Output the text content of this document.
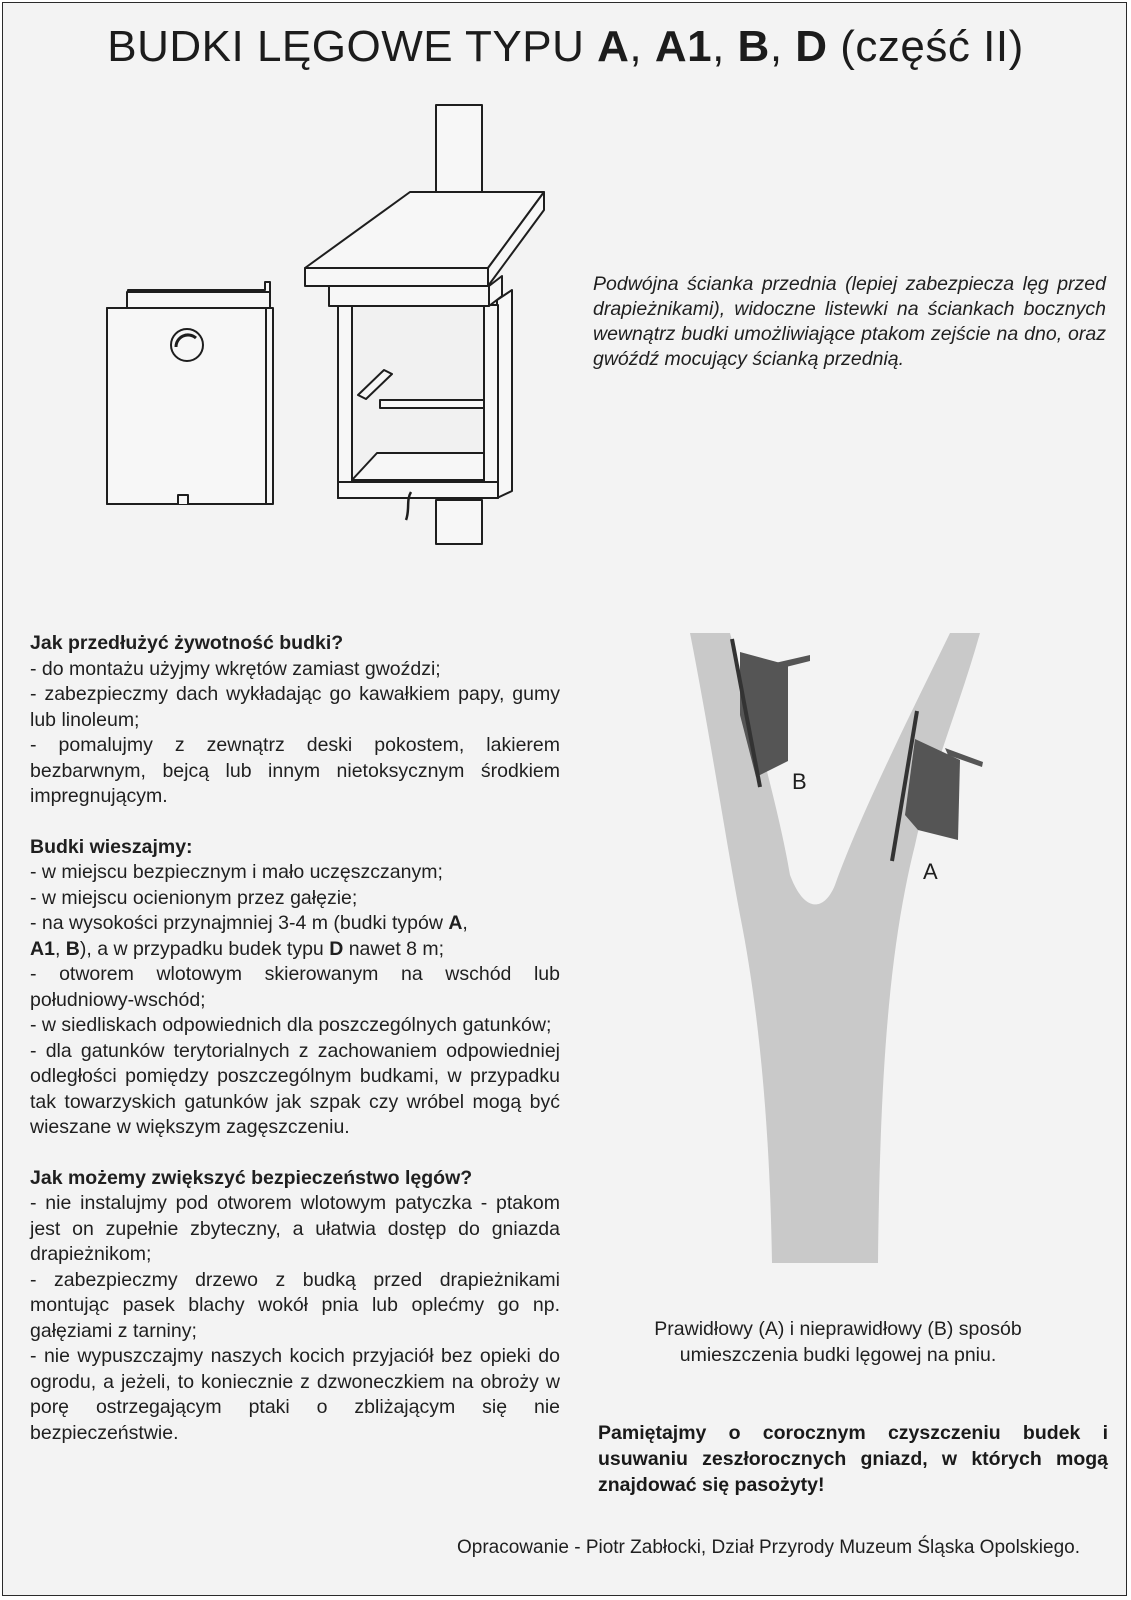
BUDKI LĘGOWE TYPU A, A1, B, D (część II)

Podwójna ścianka przednia (lepiej zabezpiecza lęg przed drapieżnikami), widoczne listewki na ściankach bocznych wewnątrz budki umożliwiające ptakom zejście na dno, oraz gwóźdź mocujący ścianką przednią.

Jak przedłużyć żywotność budki?

- do montażu użyjmy wkrętów zamiast gwoździ;

- zabezpieczmy dach wykładając go kawałkiem papy, gumy lub linoleum;

- pomalujmy z zewnątrz deski pokostem, lakierem bezbarwnym, bejcą lub innym nietoksycznym środkiem impregnującym.

Budki wieszajmy:

- w miejscu bezpiecznym i mało uczęszczanym;

- w miejscu ocienionym przez gałęzie;

- na wysokości przynajmniej 3-4 m (budki typów A,
A1, B), a w przypadku budek typu D nawet 8 m;

- otworem wlotowym skierowanym na wschód lub południowy-wschód;

- w siedliskach odpowiednich dla poszczególnych gatunków;

- dla gatunków terytorialnych z zachowaniem odpowiedniej odległości pomiędzy poszczególnym budkami, w przypadku tak towarzyskich gatunków jak szpak czy wróbel mogą być wieszane w większym zagęszczeniu.

Jak możemy zwiększyć bezpieczeństwo lęgów?

- nie instalujmy pod otworem wlotowym patyczka - ptakom jest on zupełnie zbyteczny, a ułatwia dostęp do gniazda drapieżnikom;

- zabezpieczmy drzewo z budką przed drapieżnikami montując pasek blachy wokół pnia lub oplećmy go np. gałęziami z tarniny;

- nie wypuszczajmy naszych kocich przyjaciół bez opieki do ogrodu, a jeżeli, to koniecznie z dzwoneczkiem na obroży w porę ostrzegającym ptaki o zbliżającym się nie bezpieczeństwie.

B
A

Prawidłowy (A) i nieprawidłowy (B) sposób umieszczenia budki lęgowej na pniu.

Pamiętajmy o corocznym czyszczeniu budek i usuwaniu zeszłorocznych gniazd, w których mogą znajdować się pasożyty!

Opracowanie - Piotr Zabłocki, Dział Przyrody Muzeum Śląska Opolskiego.
